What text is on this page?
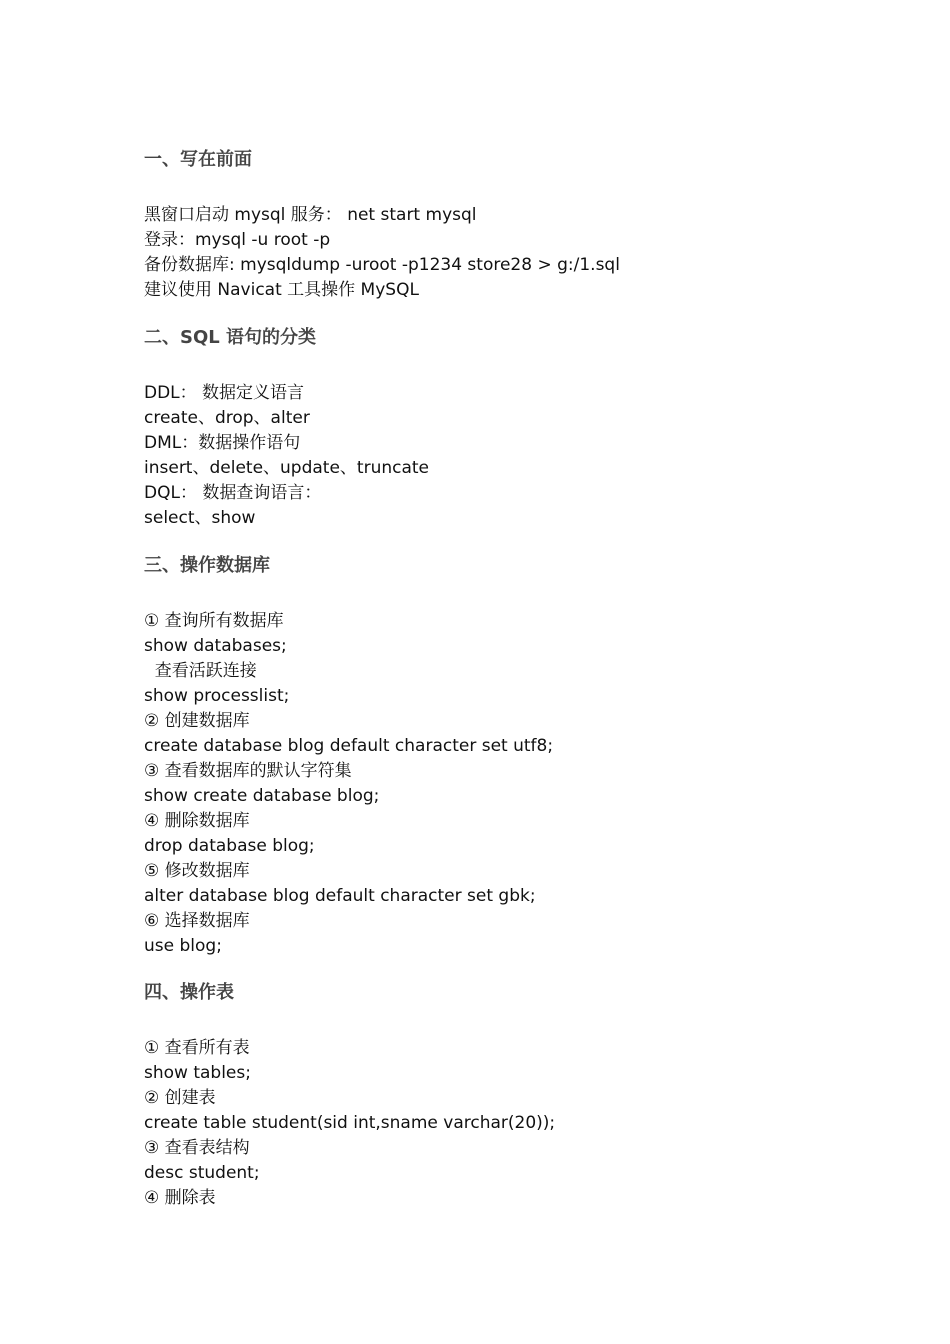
一、写在前面
黑窗口启动 mysql 服务： net start mysql
登录：mysql -u root -p
备份数据库: mysqldump -uroot -p1234 store28 > g:/1.sql
建议使用 Navicat 工具操作 MySQL
二、SQL 语句的分类
DDL： 数据定义语言
create、drop、alter
DML：数据操作语句
insert、delete、update、truncate
DQL： 数据查询语言：
select、show
三、操作数据库
① 查询所有数据库
show databases;
查看活跃连接
show processlist;
② 创建数据库
create database blog default character set utf8;
③ 查看数据库的默认字符集
show create database blog;
④ 删除数据库
drop database blog;
⑤ 修改数据库
alter database blog default character set gbk;
⑥ 选择数据库
use blog;
四、操作表
① 查看所有表
show tables;
② 创建表
create table student(sid int,sname varchar(20));
③ 查看表结构
desc student;
④ 删除表
